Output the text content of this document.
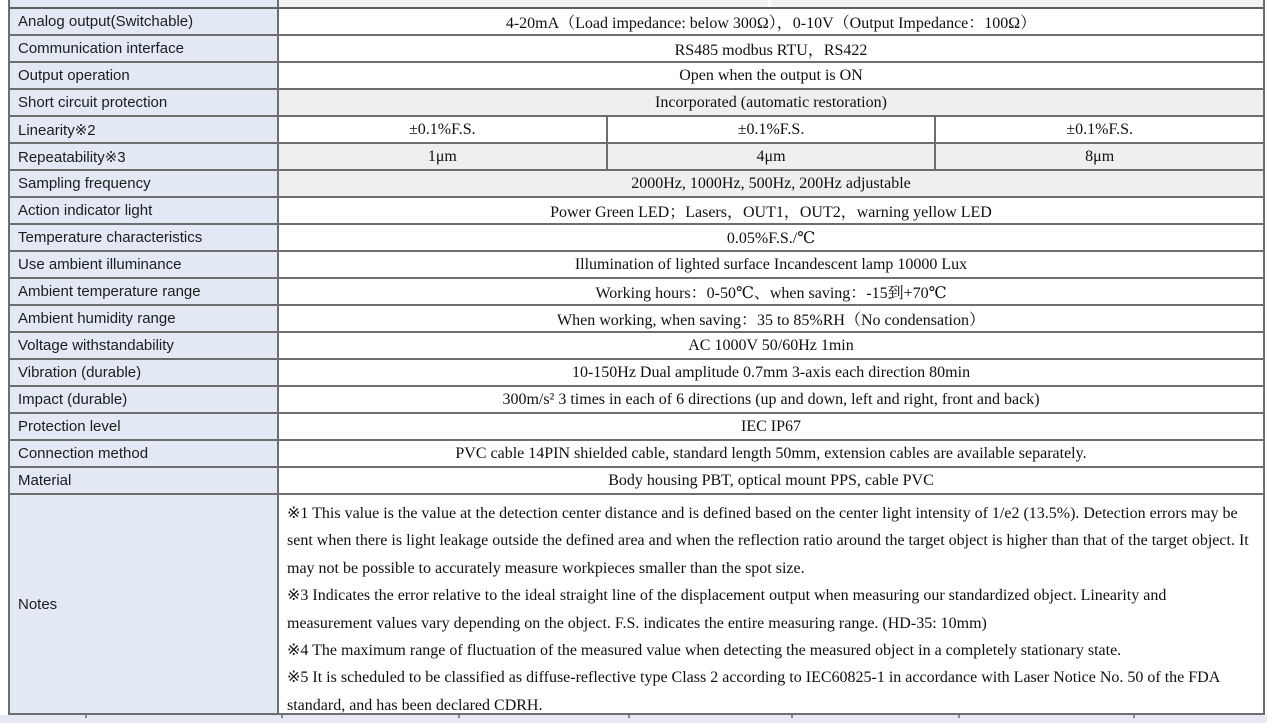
Analog output(Switchable)	4-20mA（Load impedance: below 300Ω），0-10V（Output Impedance：100Ω）
Communication interface	RS485 modbus RTU，RS422
Output operation	Open when the output is ON
Short circuit protection	Incorporated (automatic restoration)
Linearity※2	±0.1%F.S.	±0.1%F.S.	±0.1%F.S.
Repeatability※3	1μm	4μm	8μm
Sampling frequency	2000Hz, 1000Hz, 500Hz, 200Hz adjustable
Action indicator light	Power Green LED；Lasers，OUT1，OUT2，warning yellow LED
Temperature characteristics	0.05%F.S./℃
Use ambient illuminance	Illumination of lighted surface Incandescent lamp 10000 Lux
Ambient temperature range	Working hours：0-50℃、when saving：-15到+70℃
Ambient humidity range	When working, when saving：35 to 85%RH（No condensation）
Voltage withstandability	AC 1000V 50/60Hz 1min
Vibration (durable)	10-150Hz Dual amplitude 0.7mm 3-axis each direction 80min
Impact (durable)	300m/s² 3 times in each of 6 directions (up and down, left and right, front and back)
Protection level	IEC IP67
Connection method	PVC cable 14PIN shielded cable, standard length 50mm, extension cables are available separately.
Material	Body housing PBT, optical mount PPS, cable PVC
Notes
※1 This value is the value at the detection center distance and is defined based on the center light intensity of 1/e2 (13.5%). Detection errors may be sent when there is light leakage outside the defined area and when the reflection ratio around the target object is higher than that of the target object. It may not be possible to accurately measure workpieces smaller than the spot size.
※3 Indicates the error relative to the ideal straight line of the displacement output when measuring our standardized object. Linearity and measurement values vary depending on the object. F.S. indicates the entire measuring range. (HD-35: 10mm)
※4 The maximum range of fluctuation of the measured value when detecting the measured object in a completely stationary state.
※5 It is scheduled to be classified as diffuse-reflective type Class 2 according to IEC60825-1 in accordance with Laser Notice No. 50 of the FDA standard, and has been declared CDRH.
